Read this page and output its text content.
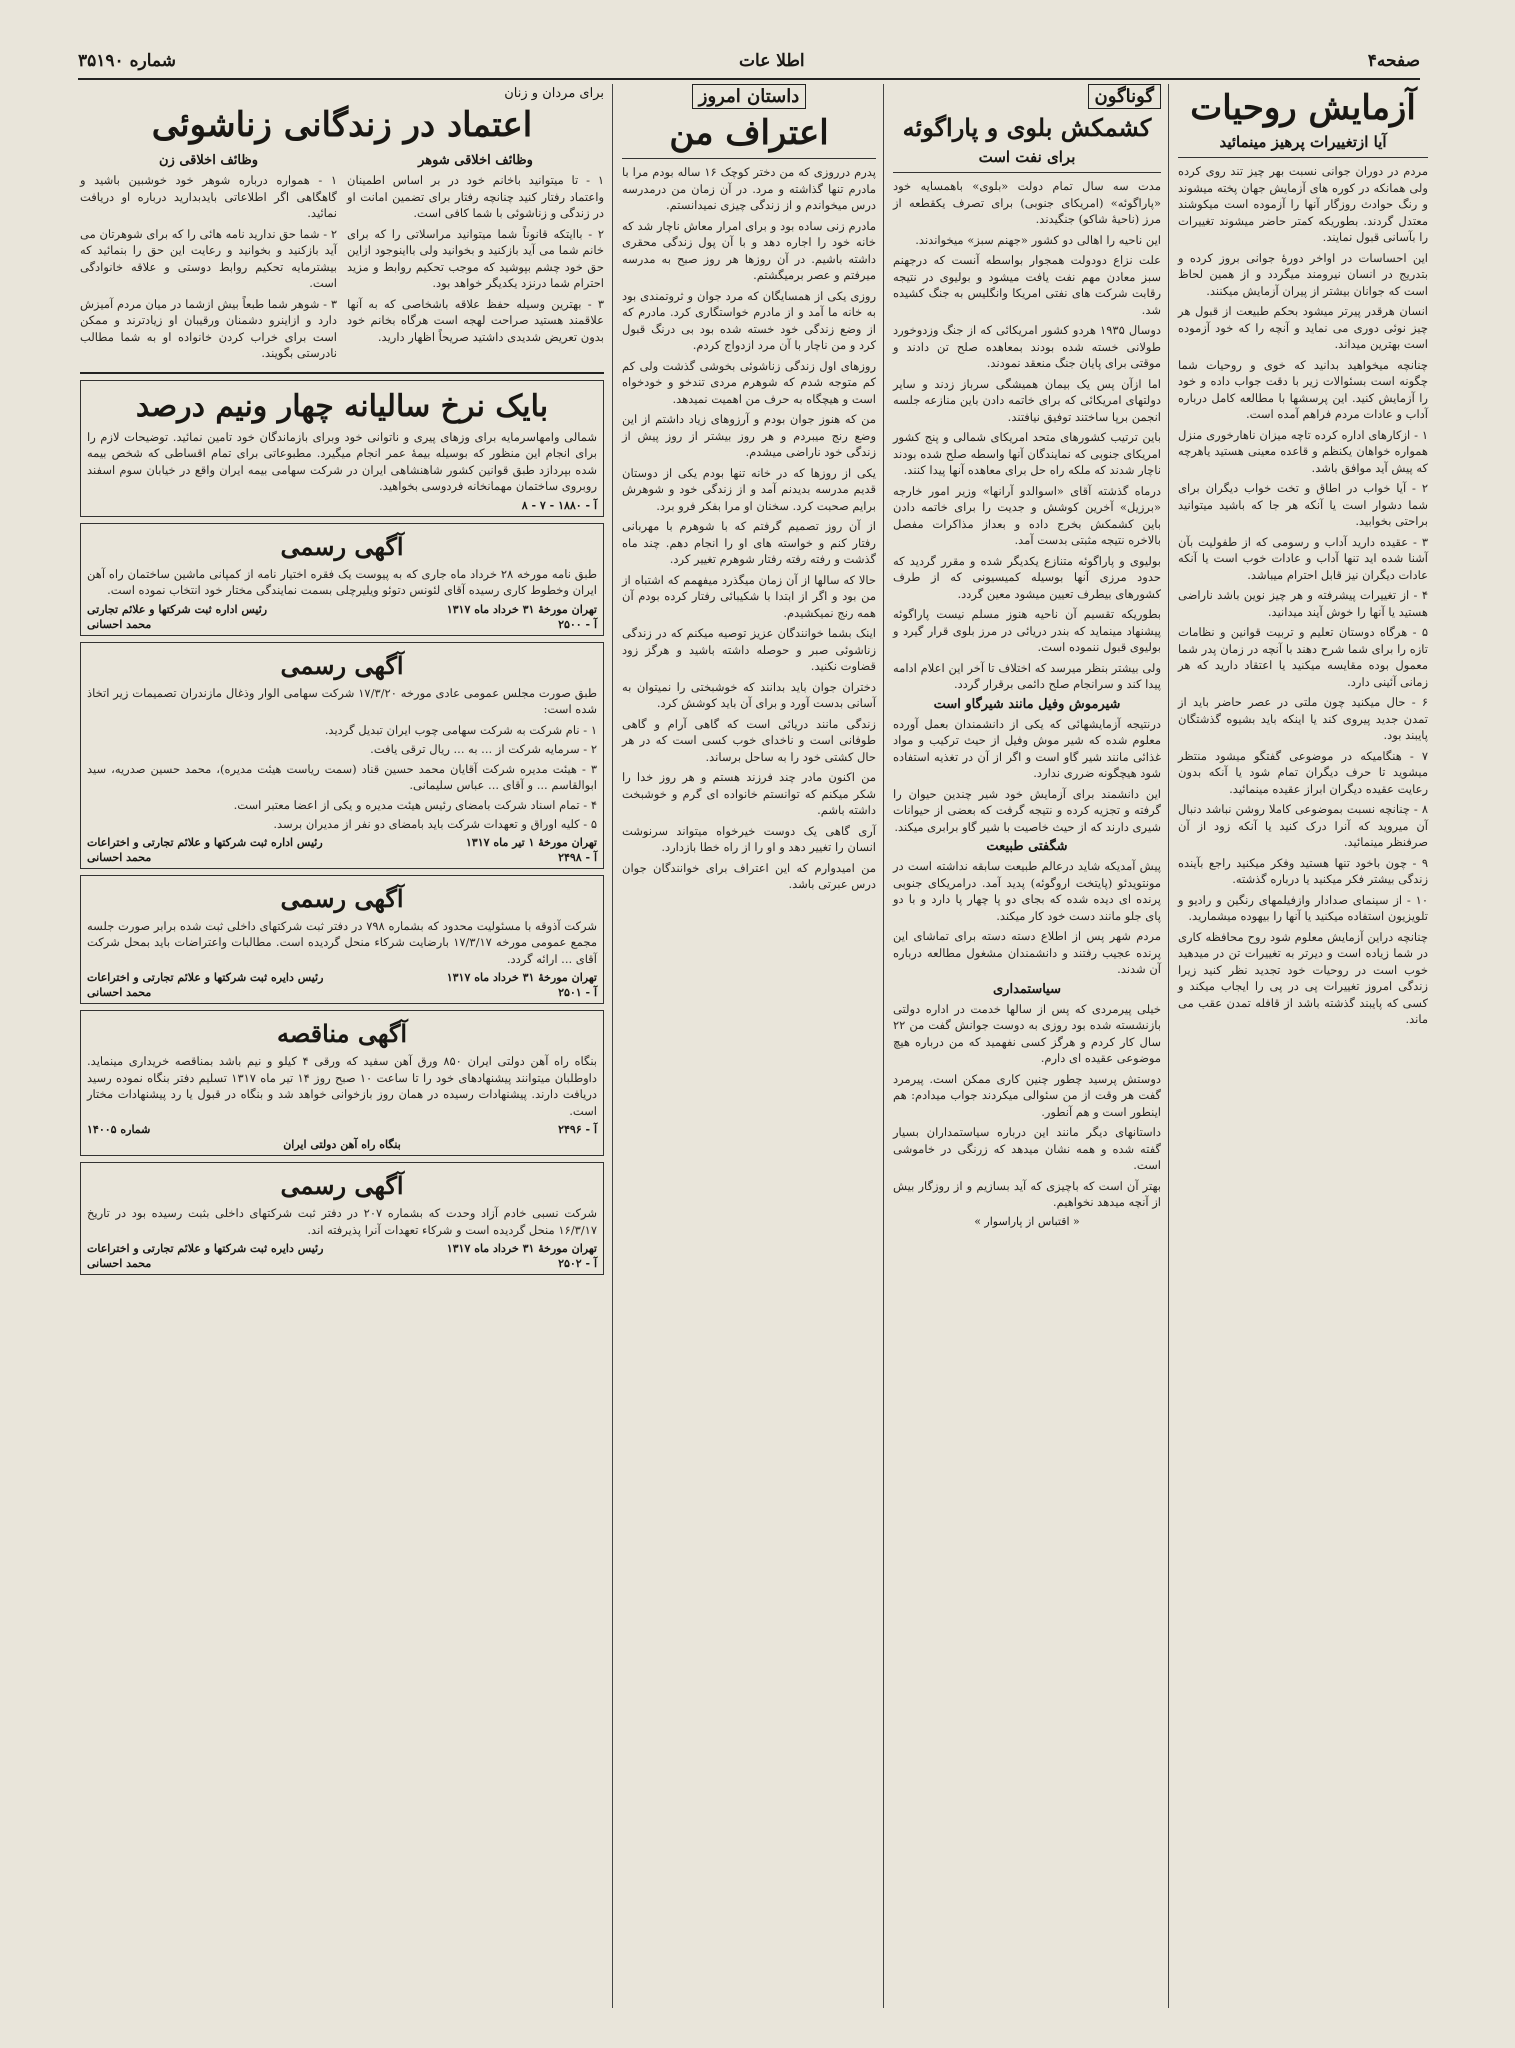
صفحه۴
اطلا عات
شماره ۳۵۱۹۰
آزمایش روحیات
آیا ازتغییرات پرهیز مینمائید

مردم در دوران جوانی نسبت بهر چیز تند روی کرده ولی همانکه در کوره های آزمایش جهان پخته میشوند و رنگ حوادث روزگار آنها را آزموده است میکوشند معتدل گردند. بطوریکه کمتر حاضر میشوند تغییرات را بآسانی قبول نمایند.

این احساسات در اواخر دورهٔ جوانی بروز کرده و بتدریج در انسان نیرومند میگردد و از همین لحاظ است که جوانان بیشتر از پیران آزمایش میکنند.

انسان هرقدر پیرتر میشود بحکم طبیعت از قبول هر چیز نوئی دوری می نماید و آنچه را که خود آزموده است بهترین میداند.

چنانچه میخواهید بدانید که خوی و روحیات شما چگونه است بسئوالات زیر با دقت جواب داده و خود را آزمایش کنید. این پرسشها با مطالعه کامل درباره آداب و عادات مردم فراهم آمده است.

۱ - ازکارهای اداره کرده تاچه میزان ناهارخوری منزل همواره خواهان یکنظم و قاعده معینی هستید یاهرچه که پیش آید موافق باشد.

۲ - آیا خواب در اطاق و تخت خواب دیگران برای شما دشوار است یا آنکه هر جا که باشید میتوانید براحتی بخوابید.

۳ - عقیده دارید آداب و رسومی که از طفولیت بآن آشنا شده اید تنها آداب و عادات خوب است یا آنکه عادات دیگران نیز قابل احترام میباشد.

۴ - از تغییرات پیشرفته و هر چیز نوین باشد ناراضی هستید یا آنها را خوش آیند میدانید.

۵ - هرگاه دوستان تعلیم و تربیت قوانین و نظامات تازه را برای شما شرح دهند با آنچه در زمان پدر شما معمول بوده مقایسه میکنید یا اعتقاد دارید که هر زمانی آئینی دارد.

۶ - حال میکنید چون ملتی در عصر حاضر باید از تمدن جدید پیروی کند یا اینکه باید بشیوه گذشتگان پایبند بود.

۷ - هنگامیکه در موضوعی گفتگو میشود منتظر میشوید تا حرف دیگران تمام شود یا آنکه بدون رعایت عقیده دیگران ابراز عقیده مینمائید.

۸ - چنانچه نسبت بموضوعی کاملا روشن نباشد دنبال آن میروید که آنرا درک کنید یا آنکه زود از آن صرفنظر مینمائید.

۹ - چون باخود تنها هستید وفکر میکنید راجع بآینده زندگی بیشتر فکر میکنید یا درباره گذشته.

۱۰ - از سینمای صدادار وازفیلمهای رنگین و رادیو و تلویزیون استفاده میکنید یا آنها را بیهوده میشمارید.

چنانچه دراین آزمایش معلوم شود روح محافظه کاری در شما زیاده است و دیرتر به تغییرات تن در میدهید خوب است در روحیات خود تجدید نظر کنید زیرا زندگی امروز تغییرات پی در پی را ایجاب میکند و کسی که پایبند گذشته باشد از قافله تمدن عقب می ماند.

گوناگون
کشمکش بلوی و پاراگوئه
برای نفت است

مدت سه سال تمام دولت «بلوی» باهمسایه خود «پاراگوئه» (امریکای جنوبی) برای تصرف یکقطعه از مرز (ناحیهٔ شاکو) جنگیدند.

این ناحیه را اهالی دو کشور «جهنم سبز» میخواندند.

علت نزاع دودولت همجوار بواسطه آنست که درجهنم سبز معادن مهم نفت یافت میشود و بولیوی در نتیجه رقابت شرکت های نفتی امریکا وانگلیس به جنگ کشیده شد.

دوسال ۱۹۳۵ هردو کشور امریکائی که از جنگ وزدوخورد طولانی خسته شده بودند بمعاهده صلح تن دادند و موقتی برای پایان جنگ منعقد نمودند.

اما ازآن پس یک بیمان همیشگی سرباز زدند و سایر دولتهای امریکائی که برای خاتمه دادن باین منازعه جلسه انجمن برپا ساختند توفیق نیافتند.

باین ترتیب کشورهای متحد امریکای شمالی و پنج کشور امریکای جنوبی که نمایندگان آنها واسطه صلح شده بودند ناچار شدند که ملکه راه حل برای معاهده آنها پیدا کنند.

درماه گذشته آقای «اسوالدو آرانها» وزیر امور خارجه «برزیل» آخرین کوشش و جدیت را برای خاتمه دادن باین کشمکش بخرج داده و بعداز مذاکرات مفصل بالاخره نتیجه مثبتی بدست آمد.

بولیوی و پاراگوئه متنازع یکدیگر شده و مقرر گردید که حدود مرزی آنها بوسیله کمیسیونی که از طرف کشورهای بیطرف تعیین میشود معین گردد.

بطوریکه تقسیم آن ناحیه هنوز مسلم نیست پاراگوئه پیشنهاد مینماید که بندر دریائی در مرز بلوی قرار گیرد و بولیوی قبول ننموده است.

ولی بیشتر بنظر میرسد که اختلاف تا آخر این اعلام ادامه پیدا کند و سرانجام صلح دائمی برقرار گردد.

شیرموش وفیل مانند شیرگاو است

درنتیجه آزمایشهائی که یکی از دانشمندان بعمل آورده معلوم شده که شیر موش وفیل از حیث ترکیب و مواد غذائی مانند شیر گاو است و اگر از آن در تغذیه استفاده شود هیچگونه ضرری ندارد.

این دانشمند برای آزمایش خود شیر چندین حیوان را گرفته و تجزیه کرده و نتیجه گرفت که بعضی از حیوانات شیری دارند که از حیث خاصیت با شیر گاو برابری میکند.

شگفتی طبیعت

پیش آمدیکه شاید درعالم طبیعت سابقه نداشته است در مونتویدئو (پایتخت اروگوئه) پدید آمد. درامریکای جنوبی پرنده ای دیده شده که بجای دو پا چهار پا دارد و با دو پای جلو مانند دست خود کار میکند.

مردم شهر پس از اطلاع دسته دسته برای تماشای این پرنده عجیب رفتند و دانشمندان مشغول مطالعه درباره آن شدند.

سیاستمداری

خیلی پیرمردی که پس از سالها خدمت در اداره دولتی بازنشسته شده بود روزی به دوست جوانش گفت من ۲۲ سال کار کردم و هرگز کسی نفهمید که من درباره هیچ موضوعی عقیده ای دارم.

دوستش پرسید چطور چنین کاری ممکن است. پیرمرد گفت هر وقت از من سئوالی میکردند جواب میدادم: هم اینطور است و هم آنطور.

داستانهای دیگر مانند این درباره سیاستمداران بسیار گفته شده و همه نشان میدهد که زرنگی در خاموشی است.

بهتر آن است که باچیزی که آید بسازیم و از روزگار بیش از آنچه میدهد نخواهیم.

« اقتباس از پاراسوار »
داستان امروز
اعتراف من

پدرم درروزی که من دختر کوچک ۱۶ ساله بودم مرا با مادرم تنها گذاشته و مرد. در آن زمان من درمدرسه درس میخواندم و از زندگی چیزی نمیدانستم.

مادرم زنی ساده بود و برای امرار معاش ناچار شد که خانه خود را اجاره دهد و با آن پول زندگی محقری داشته باشیم. در آن روزها هر روز صبح به مدرسه میرفتم و عصر برمیگشتم.

روزی یکی از همسایگان که مرد جوان و ثروتمندی بود به خانه ما آمد و از مادرم خواستگاری کرد. مادرم که از وضع زندگی خود خسته شده بود بی درنگ قبول کرد و من ناچار با آن مرد ازدواج کردم.

روزهای اول زندگی زناشوئی بخوشی گذشت ولی کم کم متوجه شدم که شوهرم مردی تندخو و خودخواه است و هیچگاه به حرف من اهمیت نمیدهد.

من که هنوز جوان بودم و آرزوهای زیاد داشتم از این وضع رنج میبردم و هر روز بیشتر از روز پیش از زندگی خود ناراضی میشدم.

یکی از روزها که در خانه تنها بودم یکی از دوستان قدیم مدرسه بدیدنم آمد و از زندگی خود و شوهرش برایم صحبت کرد. سخنان او مرا بفکر فرو برد.

از آن روز تصمیم گرفتم که با شوهرم با مهربانی رفتار کنم و خواسته های او را انجام دهم. چند ماه گذشت و رفته رفته رفتار شوهرم تغییر کرد.

حالا که سالها از آن زمان میگذرد میفهمم که اشتباه از من بود و اگر از ابتدا با شکیبائی رفتار کرده بودم آن همه رنج نمیکشیدم.

اینک بشما خوانندگان عزیز توصیه میکنم که در زندگی زناشوئی صبر و حوصله داشته باشید و هرگز زود قضاوت نکنید.

دختران جوان باید بدانند که خوشبختی را نمیتوان به آسانی بدست آورد و برای آن باید کوشش کرد.

زندگی مانند دریائی است که گاهی آرام و گاهی طوفانی است و ناخدای خوب کسی است که در هر حال کشتی خود را به ساحل برساند.

من اکنون مادر چند فرزند هستم و هر روز خدا را شکر میکنم که توانستم خانواده ای گرم و خوشبخت داشته باشم.

آری گاهی یک دوست خیرخواه میتواند سرنوشت انسان را تغییر دهد و او را از راه خطا بازدارد.

من امیدوارم که این اعتراف برای خوانندگان جوان درس عبرتی باشد.

برای مردان و زنان
اعتماد در زندگانی زناشوئی
وظائف اخلاقی شوهر

۱ - تا میتوانید باخانم خود در بر اساس اطمینان واعتماد رفتار کنید چنانچه رفتار برای تضمین امانت او در زندگی و زناشوئی با شما کافی است.

۲ - باایتکه قانوناً شما میتوانید مراسلاتی را که برای خانم شما می آید بازکنید و بخوانید ولی بااینوجود ازاین حق خود چشم بپوشید که موجب تحکیم روابط و مزید احترام شما درنزد یکدیگر خواهد بود.

۳ - بهترین وسیله حفظ علاقه باشخاصی که به آنها علاقمند هستید صراحت لهجه است هرگاه بخانم خود بدون تعریض شدیدی داشتید صریحاً اظهار دارید.

وظائف اخلاقی زن

۱ - همواره درباره شوهر خود خوشبین باشید و گاهگاهی اگر اطلاعاتی بایدبدارید درباره او دریافت نمائید.

۲ - شما حق ندارید نامه هائی را که برای شوهرتان می آید بازکنید و بخوانید و رعایت این حق را بنمائید که بیشترمایه تحکیم روابط دوستی و علاقه خانوادگی است.

۳ - شوهر شما طبعاً بیش ازشما در میان مردم آمیزش دارد و ازاینرو دشمنان ورقیبان او زیادترند و ممکن است برای خراب کردن خانواده او به شما مطالب نادرستی بگویند.

بایک نرخ سالیانه چهار ونیم درصد

شمالی وامهاسرمایه برای وزهای پیری و ناتوانی خود وبرای بازماندگان خود تامین نمائید. توضیحات لازم را برای انجام این منظور که بوسیله بیمهٔ عمر انجام میگیرد. مطبوعاتی برای تمام اقساطی که شخص بیمه شده بپردازد طبق قوانین کشور شاهنشاهی ایران در شرکت سهامی بیمه ایران واقع در خیابان سوم اسفند روبروی ساختمان مهمانخانه فردوسی بخواهید.

آ - ۱۸۸۰ - ۷ - ۸
آگهی رسمی

طبق نامه مورخه ۲۸ خرداد ماه جاری که به پیوست یک فقره اختیار نامه از کمپانی ماشین ساختمان راه آهن ایران وخطوط کاری رسیده آقای لئونس دتوئو ویلیرچلی بسمت نمایندگی مختار خود انتخاب نموده است.

تهران مورخهٔ ۳۱ خرداد ماه ۱۳۱۷
رئیس اداره ثبت شرکتها و علائم تجارتی
آ - ۲۵۰۰
محمد احسانی
آگهی رسمی

طبق صورت مجلس عمومی عادی مورخه ۱۷/۳/۲۰ شرکت سهامی الوار وذغال مازندران تصمیمات زیر اتخاذ شده است:

۱ - نام شرکت به شرکت سهامی چوب ایران تبدیل گردید.

۲ - سرمایه شرکت از ... به ... ریال ترقی یافت.

۳ - هیئت مدیره شرکت آقایان محمد حسین قناد (سمت ریاست هیئت مدیره)، محمد حسین صدریه، سید ابوالقاسم ... و آقای ... عباس سلیمانی.

۴ - تمام اسناد شرکت بامضای رئیس هیئت مدیره و یکی از اعضا معتبر است.

۵ - کلیه اوراق و تعهدات شرکت باید بامضای دو نفر از مدیران برسد.

تهران مورخهٔ ۱ تیر ماه ۱۳۱۷
رئیس اداره ثبت شرکتها و علائم تجارتی و اختراعات
آ - ۲۴۹۸
محمد احسانی
آگهی رسمی

شرکت آذوقه با مسئولیت محدود که بشماره ۷۹۸ در دفتر ثبت شرکتهای داخلی ثبت شده برابر صورت جلسه مجمع عمومی مورخه ۱۷/۳/۱۷ بارضایت شرکاء منحل گردیده است. مطالبات واعتراضات باید بمحل شرکت آقای ... ارائه گردد.

تهران مورخهٔ ۳۱ خرداد ماه ۱۳۱۷
رئیس دایره ثبت شرکتها و علائم تجارتی و اختراعات
آ - ۲۵۰۱
محمد احسانی
آگهی مناقصه

بنگاه راه آهن دولتی ایران ۸۵۰ ورق آهن سفید که ورقی ۴ کیلو و نیم باشد بمناقصه خریداری مینماید. داوطلبان میتوانند پیشنهادهای خود را تا ساعت ۱۰ صبح روز ۱۴ تیر ماه ۱۳۱۷ تسلیم دفتر بنگاه نموده رسید دریافت دارند. پیشنهادات رسیده در همان روز بازخوانی خواهد شد و بنگاه در قبول یا رد پیشنهادات مختار است.

آ - ۲۴۹۶
شماره ۱۴۰۰۵
بنگاه راه آهن دولتی ایران
آگهی رسمی

شرکت نسبی خادم آزاد وحدت که بشماره ۲۰۷ در دفتر ثبت شرکتهای داخلی بثبت رسیده بود در تاریخ ۱۶/۳/۱۷ منحل گردیده است و شرکاء تعهدات آنرا پذیرفته اند.

تهران مورخهٔ ۳۱ خرداد ماه ۱۳۱۷
رئیس دایره ثبت شرکتها و علائم تجارتی و اختراعات
آ - ۲۵۰۲
محمد احسانی
